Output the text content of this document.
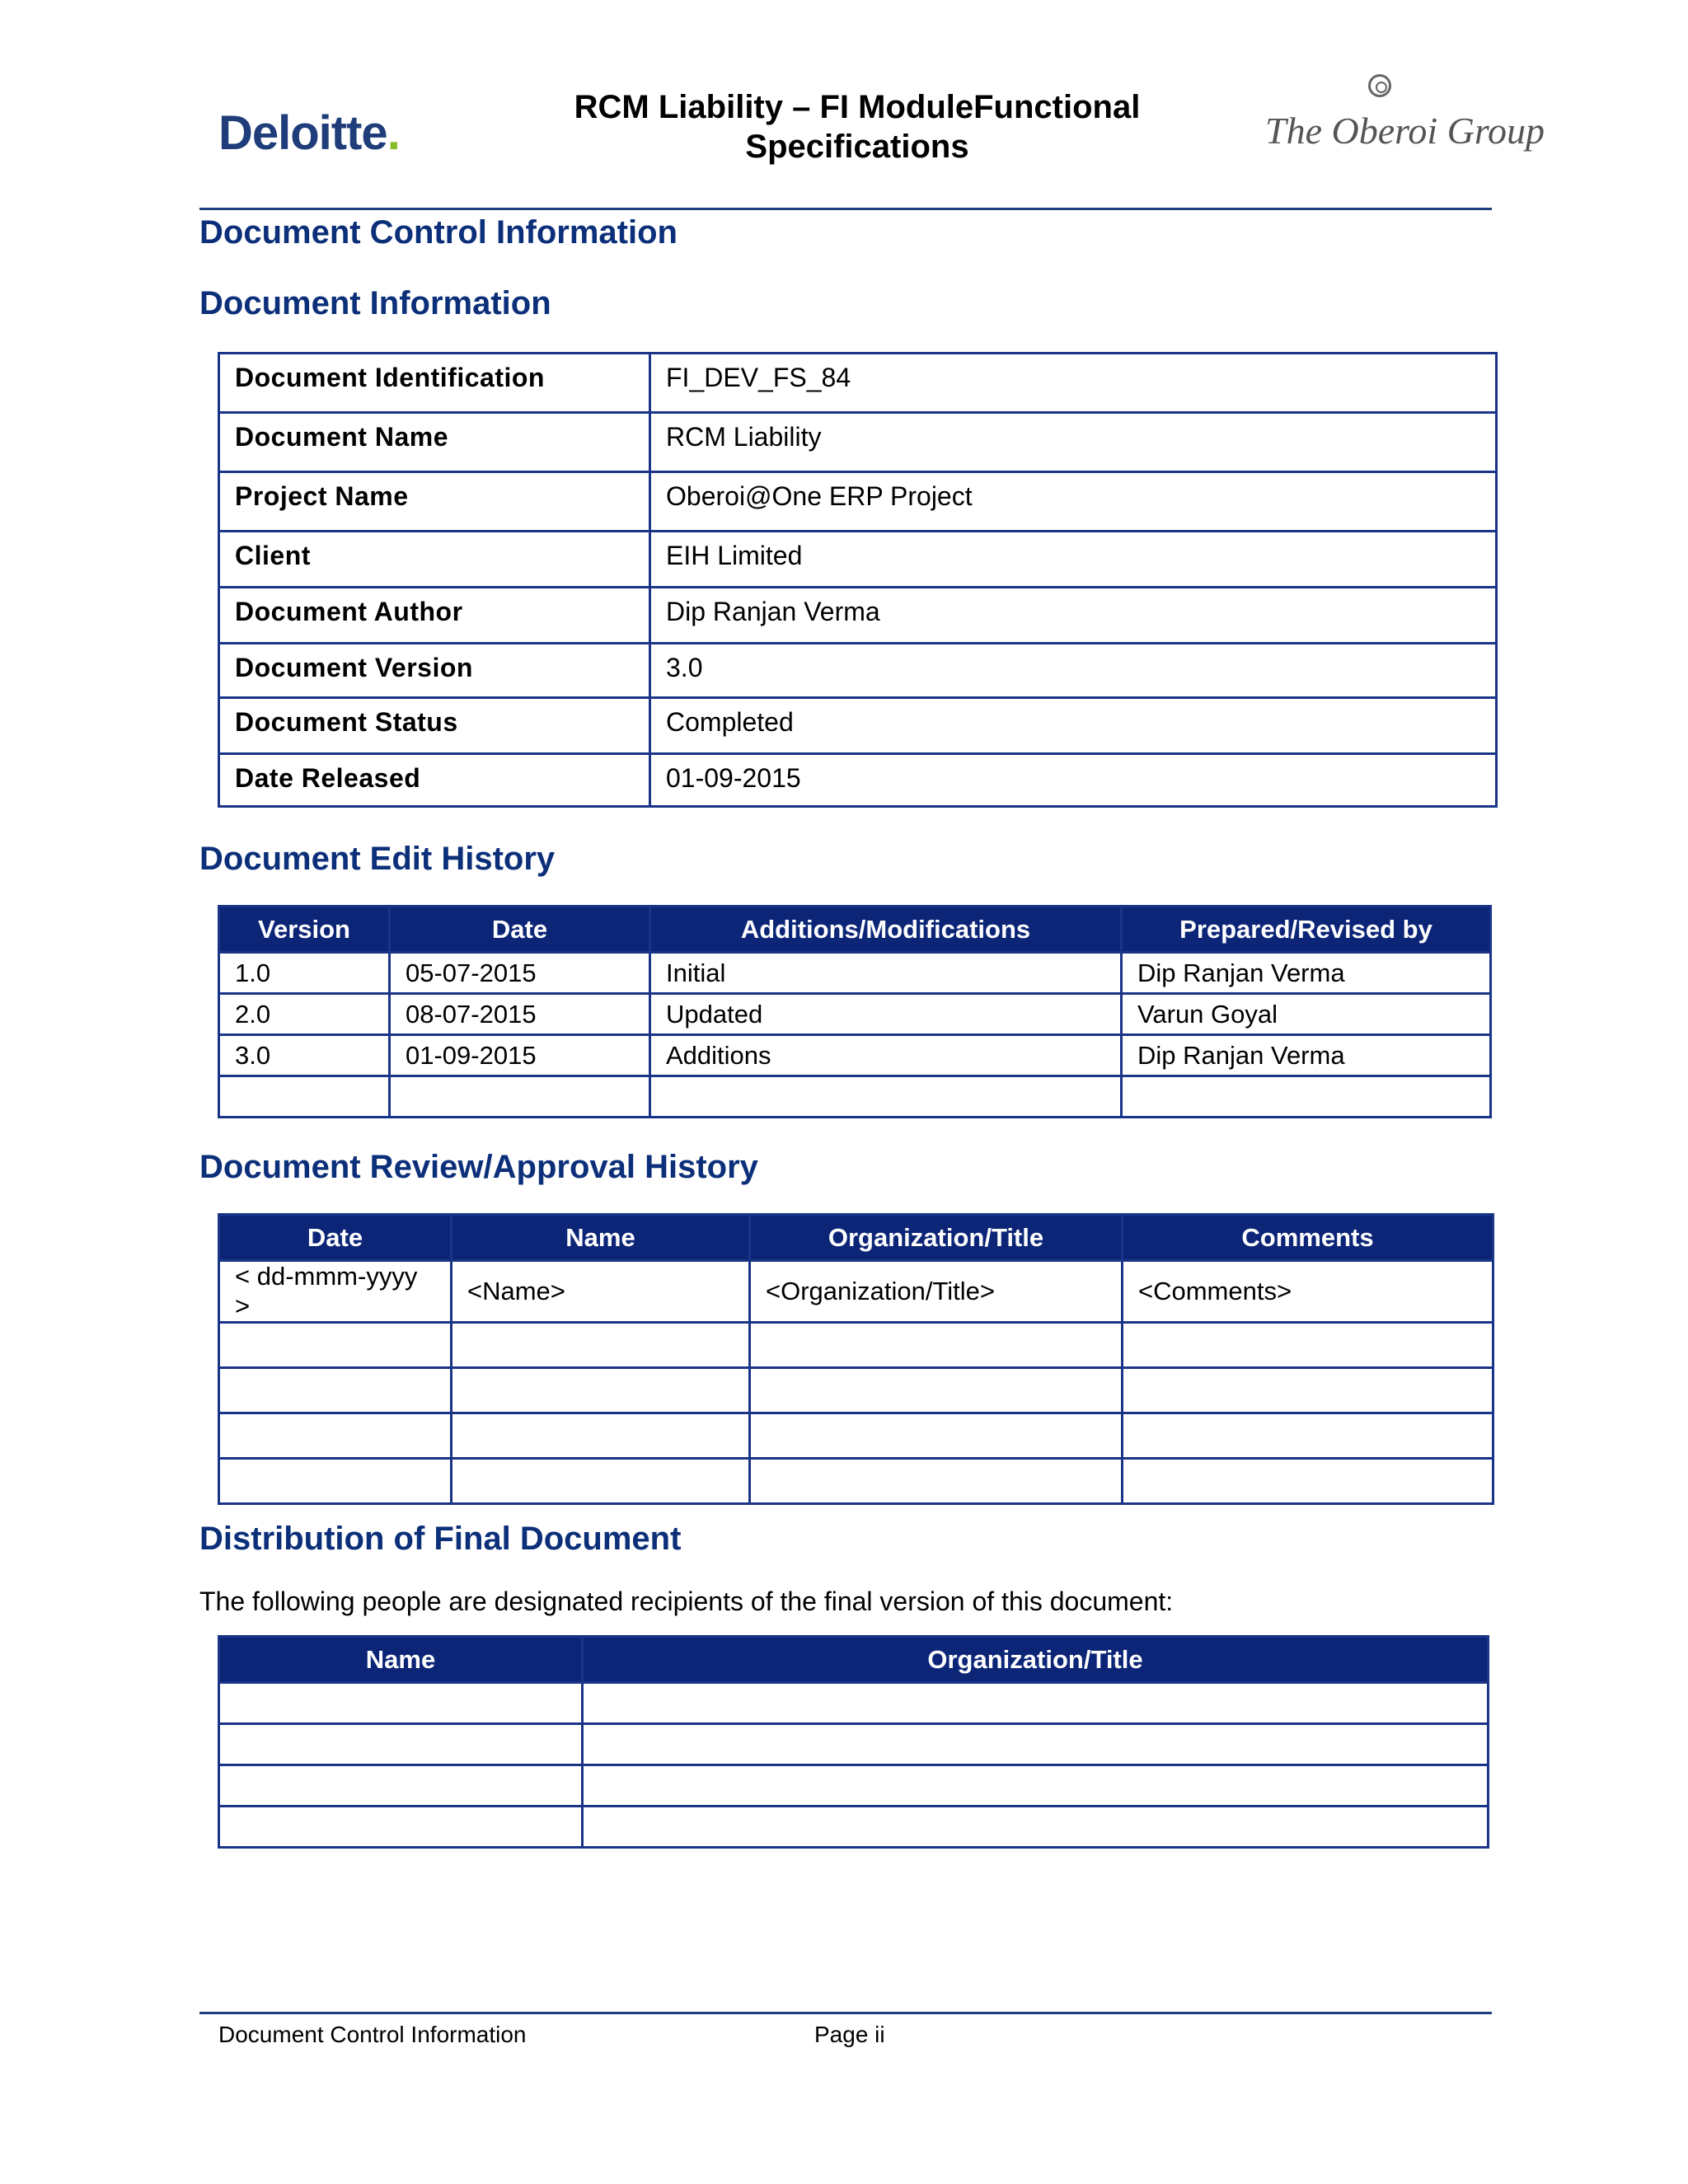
Deloitte.	RCM Liability – FI ModuleFunctional
Specifications	The Oberoi Group
Document Control Information
Document Information
Document Identification	FI_DEV_FS_84
Document Name	RCM Liability
Project Name	Oberoi@One ERP Project
Client	EIH Limited
Document Author	Dip Ranjan Verma
Document Version	3.0
Document Status	Completed
Date Released	01-09-2015
Document Edit History
Version	Date	Additions/Modifications	Prepared/Revised by
1.0	05-07-2015	Initial	Dip Ranjan Verma
2.0	08-07-2015	Updated	Varun Goyal
3.0	01-09-2015	Additions	Dip Ranjan Verma

Document Review/Approval History
Date	Name	Organization/Title	Comments
< dd-mmm-yyyy >	<Name>	<Organization/Title>	<Comments>

Distribution of Final Document
The following people are designated recipients of the final version of this document:
Name	Organization/Title

Document Control Information	Page ii
